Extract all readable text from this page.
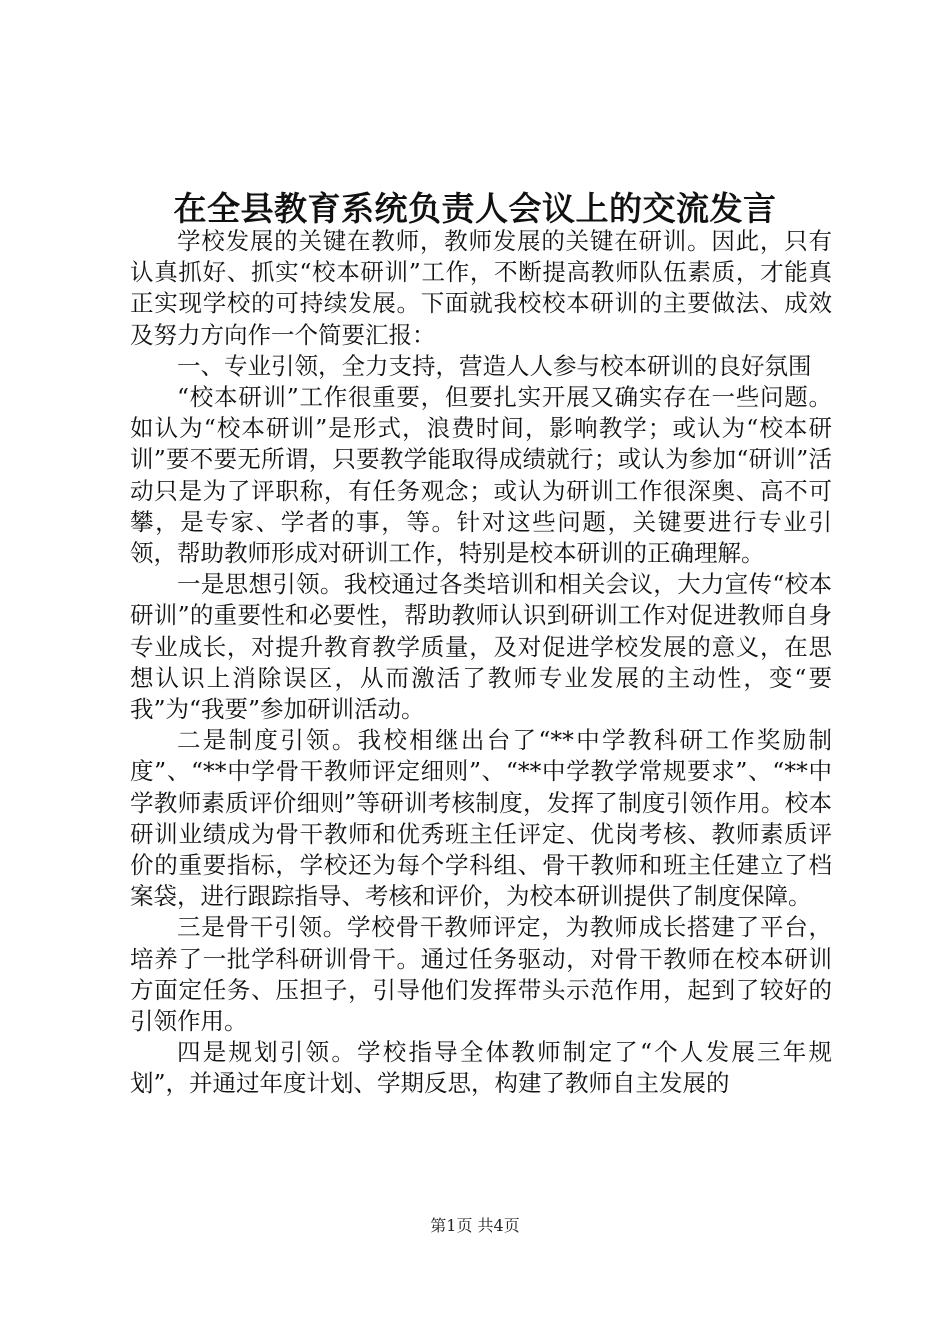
在全县教育系统负责人会议上的交流发言

学校发展的关键在教师，教师发展的关键在研训。因此，只有认真抓好、抓实“校本研训”工作，不断提高教师队伍素质，才能真正实现学校的可持续发展。下面就我校校本研训的主要做法、成效及努力方向作一个简要汇报：

一、专业引领，全力支持，营造人人参与校本研训的良好氛围

“校本研训”工作很重要，但要扎实开展又确实存在一些问题。如认为“校本研训”是形式，浪费时间，影响教学；或认为“校本研训”要不要无所谓，只要教学能取得成绩就行；或认为参加“研训”活动只是为了评职称，有任务观念；或认为研训工作很深奥、高不可攀，是专家、学者的事，等。针对这些问题，关键要进行专业引领，帮助教师形成对研训工作，特别是校本研训的正确理解。

一是思想引领。我校通过各类培训和相关会议，大力宣传“校本研训”的重要性和必要性，帮助教师认识到研训工作对促进教师自身专业成长，对提升教育教学质量，及对促进学校发展的意义，在思想认识上消除误区，从而激活了教师专业发展的主动性，变“要我”为“我要”参加研训活动。

二是制度引领。我校相继出台了“**中学教科研工作奖励制度”、“**中学骨干教师评定细则”、“**中学教学常规要求”、“**中学教师素质评价细则”等研训考核制度，发挥了制度引领作用。校本研训业绩成为骨干教师和优秀班主任评定、优岗考核、教师素质评价的重要指标，学校还为每个学科组、骨干教师和班主任建立了档案袋，进行跟踪指导、考核和评价，为校本研训提供了制度保障。

三是骨干引领。学校骨干教师评定，为教师成长搭建了平台，培养了一批学科研训骨干。通过任务驱动，对骨干教师在校本研训方面定任务、压担子，引导他们发挥带头示范作用，起到了较好的引领作用。

四是规划引领。学校指导全体教师制定了“个人发展三年规划”，并通过年度计划、学期反思，构建了教师自主发展的

第1页 共4页
